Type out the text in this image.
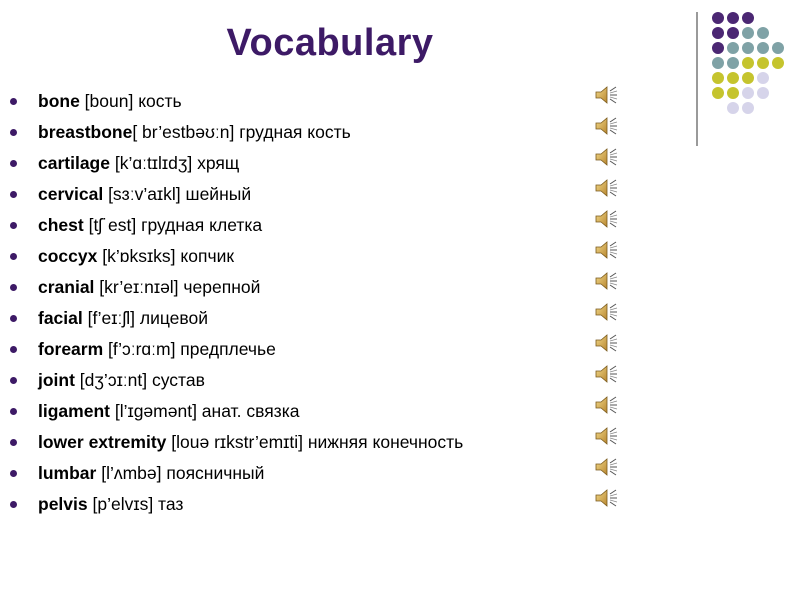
Vocabulary
bone [boun] кость
breastbone[ br’estbəʊːn] грудная кость
cartilage [k’ɑːtɪlɪdʒ] хрящ
cervical [sɜːv’aɪkl] шейный
chest [tʃ˙est] грудная клетка
coccyx [k’ɒksɪks] копчик
cranial [kr’eɪːnɪəl] черепной
facial [f’eɪːʃl] лицевой
forearm [f’ɔːrɑːm] предплечье
joint [dʒ’ɔɪːnt] сустав
ligament [l’ɪgəmənt] анат. связка
lower extremity [louə rɪkstr’emɪti] нижняя конечность
lumbar [l’ʌmbə] поясничный
pelvis [p’elvɪs] таз
